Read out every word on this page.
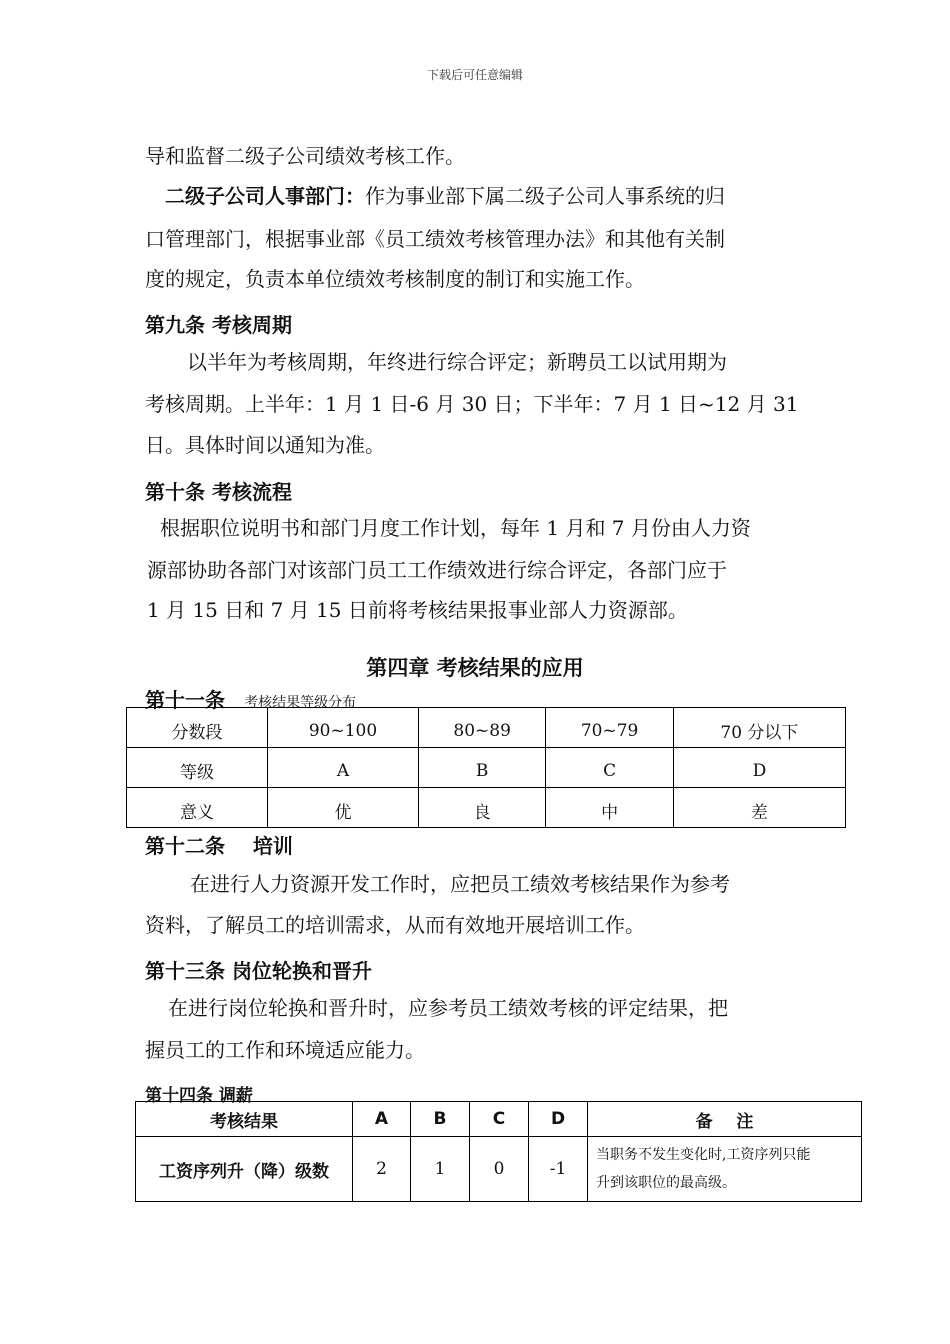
下载后可任意编辑
导和监督二级子公司绩效考核工作。
二级子公司人事部门：作为事业部下属二级子公司人事系统的归
口管理部门，根据事业部《员工绩效考核管理办法》和其他有关制
度的规定，负责本单位绩效考核制度的制订和实施工作。
第九条 考核周期
以半年为考核周期，年终进行综合评定；新聘员工以试用期为
考核周期。上半年：1 月 1 日-6 月 30 日；下半年：7 月 1 日~12 月 31
日。具体时间以通知为准。
第十条 考核流程
根据职位说明书和部门月度工作计划，每年 1 月和 7 月份由人力资
源部协助各部门对该部门员工工作绩效进行综合评定，各部门应于
1 月 15 日和 7 月 15 日前将考核结果报事业部人力资源部。
第四章 考核结果的应用
第十一条 考核结果等级分布
分数段	90~100	80~89	70~79	70 分以下
等级	A	B	C	D
意义	优	良	中	差
第十二条    培训
在进行人力资源开发工作时，应把员工绩效考核结果作为参考
资料，了解员工的培训需求，从而有效地开展培训工作。
第十三条 岗位轮换和晋升
在进行岗位轮换和晋升时，应参考员工绩效考核的评定结果，把
握员工的工作和环境适应能力。
第十四条 调薪
考核结果	A	B	C	D	备    注
工资序列升（降）级数	2	1	0	-1	当职务不发生变化时,工资序列只能
升到该职位的最高级。
